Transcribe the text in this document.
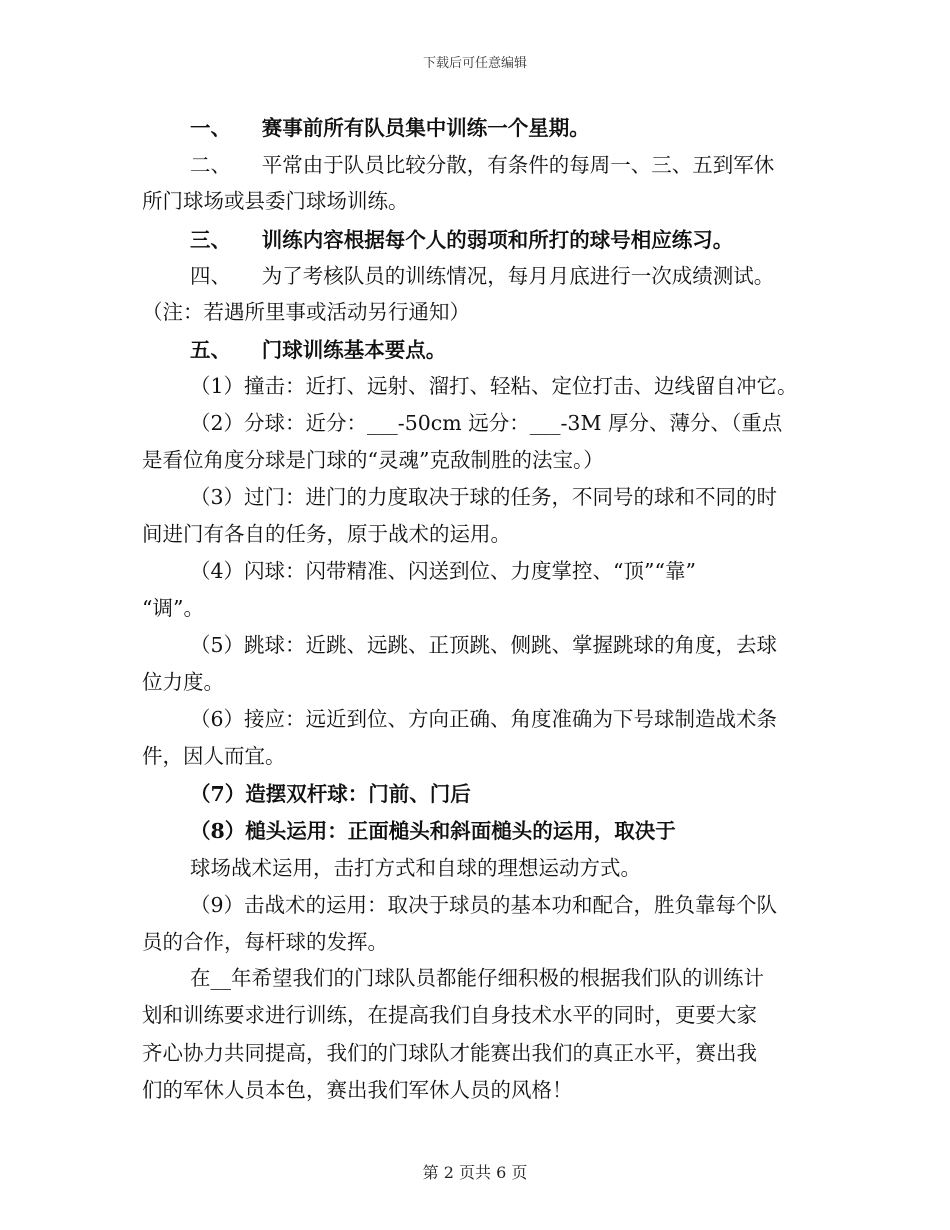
下载后可任意编辑
一、　　赛事前所有队员集中训练一个星期。
二、　　平常由于队员比较分散，有条件的每周一、三、五到军休
所门球场或县委门球场训练。
三、　　训练内容根据每个人的弱项和所打的球号相应练习。
四、　　为了考核队员的训练情况，每月月底进行一次成绩测试。
（注：若遇所里事或活动另行通知）
五、　　门球训练基本要点。
（1）撞击：近打、远射、溜打、轻粘、定位打击、边线留自冲它。
（2）分球：近分：___-50cm 远分：___-3M 厚分、薄分、（重点
是看位角度分球是门球的“灵魂”克敌制胜的法宝。）
（3）过门：进门的力度取决于球的任务，不同号的球和不同的时
间进门有各自的任务，原于战术的运用。
（4）闪球：闪带精准、闪送到位、力度掌控、“顶”“靠”
“调”。
（5）跳球：近跳、远跳、正顶跳、侧跳、掌握跳球的角度，去球
位力度。
（6）接应：远近到位、方向正确、角度准确为下号球制造战术条
件，因人而宜。
（7）造摆双杆球：门前、门后
（8）槌头运用：正面槌头和斜面槌头的运用，取决于
球场战术运用，击打方式和自球的理想运动方式。
（9）击战术的运用：取决于球员的基本功和配合，胜负靠每个队
员的合作，每杆球的发挥。
在__年希望我们的门球队员都能仔细积极的根据我们队的训练计
划和训练要求进行训练，在提高我们自身技术水平的同时，更要大家
齐心协力共同提高，我们的门球队才能赛出我们的真正水平，赛出我
们的军休人员本色，赛出我们军休人员的风格！
第 2 页共 6 页
